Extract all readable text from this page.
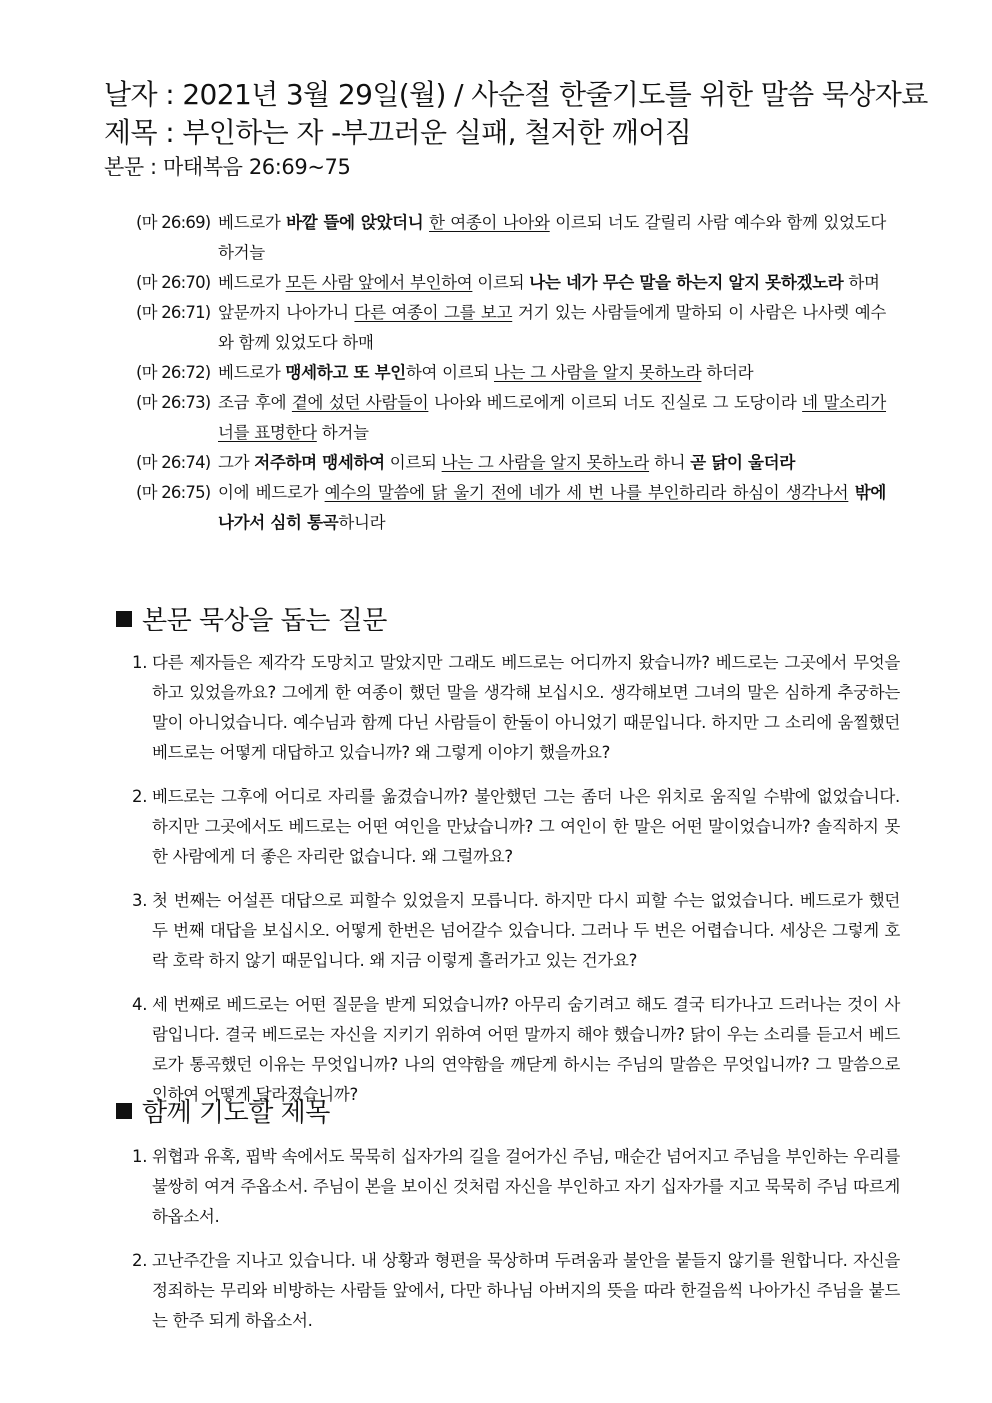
날자 : 2021년 3월 29일(월) / 사순절 한줄기도를 위한 말씀 묵상자료
제목 : 부인하는 자 -부끄러운 실패, 철저한 깨어짐
본문 : 마태복음 26:69~75
(마 26:69) 베드로가 바깥 뜰에 앉았더니 한 여종이 나아와 이르되 너도 갈릴리 사람 예수와 함께 있었도다 하거늘
(마 26:70) 베드로가 모든 사람 앞에서 부인하여 이르되 나는 네가 무슨 말을 하는지 알지 못하겠노라 하며
(마 26:71) 앞문까지 나아가니 다른 여종이 그를 보고 거기 있는 사람들에게 말하되 이 사람은 나사렛 예수와 함께 있었도다 하매
(마 26:72) 베드로가 맹세하고 또 부인하여 이르되 나는 그 사람을 알지 못하노라 하더라
(마 26:73) 조금 후에 곁에 섰던 사람들이 나아와 베드로에게 이르되 너도 진실로 그 도당이라 네 말소리가 너를 표명한다 하거늘
(마 26:74) 그가 저주하며 맹세하여 이르되 나는 그 사람을 알지 못하노라 하니 곧 닭이 울더라
(마 26:75) 이에 베드로가 예수의 말씀에 닭 울기 전에 네가 세 번 나를 부인하리라 하심이 생각나서 밖에 나가서 심히 통곡하니라
본문 묵상을 돕는 질문
1. 다른 제자들은 제각각 도망치고 말았지만 그래도 베드로는 어디까지 왔습니까? 베드로는 그곳에서 무엇을 하고 있었을까요? 그에게 한 여종이 했던 말을 생각해 보십시오. 생각해보면 그녀의 말은 심하게 추궁하는 말이 아니었습니다. 예수님과 함께 다닌 사람들이 한둘이 아니었기 때문입니다. 하지만 그 소리에 움찔했던 베드로는 어떻게 대답하고 있습니까? 왜 그렇게 이야기 했을까요?
2. 베드로는 그후에 어디로 자리를 옮겼습니까? 불안했던 그는 좀더 나은 위치로 움직일 수밖에 없었습니다. 하지만 그곳에서도 베드로는 어떤 여인을 만났습니까? 그 여인이 한 말은 어떤 말이었습니까? 솔직하지 못한 사람에게 더 좋은 자리란 없습니다. 왜 그럴까요?
3. 첫 번째는 어설픈 대답으로 피할수 있었을지 모릅니다. 하지만 다시 피할 수는 없었습니다. 베드로가 했던 두 번째 대답을 보십시오. 어떻게 한번은 넘어갈수 있습니다. 그러나 두 번은 어렵습니다. 세상은 그렇게 호락 호락 하지 않기 때문입니다. 왜 지금 이렇게 흘러가고 있는 건가요?
4. 세 번째로 베드로는 어떤 질문을 받게 되었습니까? 아무리 숨기려고 해도 결국 티가나고 드러나는 것이 사람입니다. 결국 베드로는 자신을 지키기 위하여 어떤 말까지 해야 했습니까? 닭이 우는 소리를 듣고서 베드로가 통곡했던 이유는 무엇입니까? 나의 연약함을 깨닫게 하시는 주님의 말씀은 무엇입니까? 그 말씀으로 인하여 어떻게 달라졌습니까?
함께 기도할 제목
1. 위협과 유혹, 핍박 속에서도 묵묵히 십자가의 길을 걸어가신 주님, 매순간 넘어지고 주님을 부인하는 우리를 불쌍히 여겨 주옵소서. 주님이 본을 보이신 것처럼 자신을 부인하고 자기 십자가를 지고 묵묵히 주님 따르게 하옵소서.
2. 고난주간을 지나고 있습니다. 내 상황과 형편을 묵상하며 두려움과 불안을 붙들지 않기를 원합니다. 자신을 정죄하는 무리와 비방하는 사람들 앞에서, 다만 하나님 아버지의 뜻을 따라 한걸음씩 나아가신 주님을 붙드는 한주 되게 하옵소서.
